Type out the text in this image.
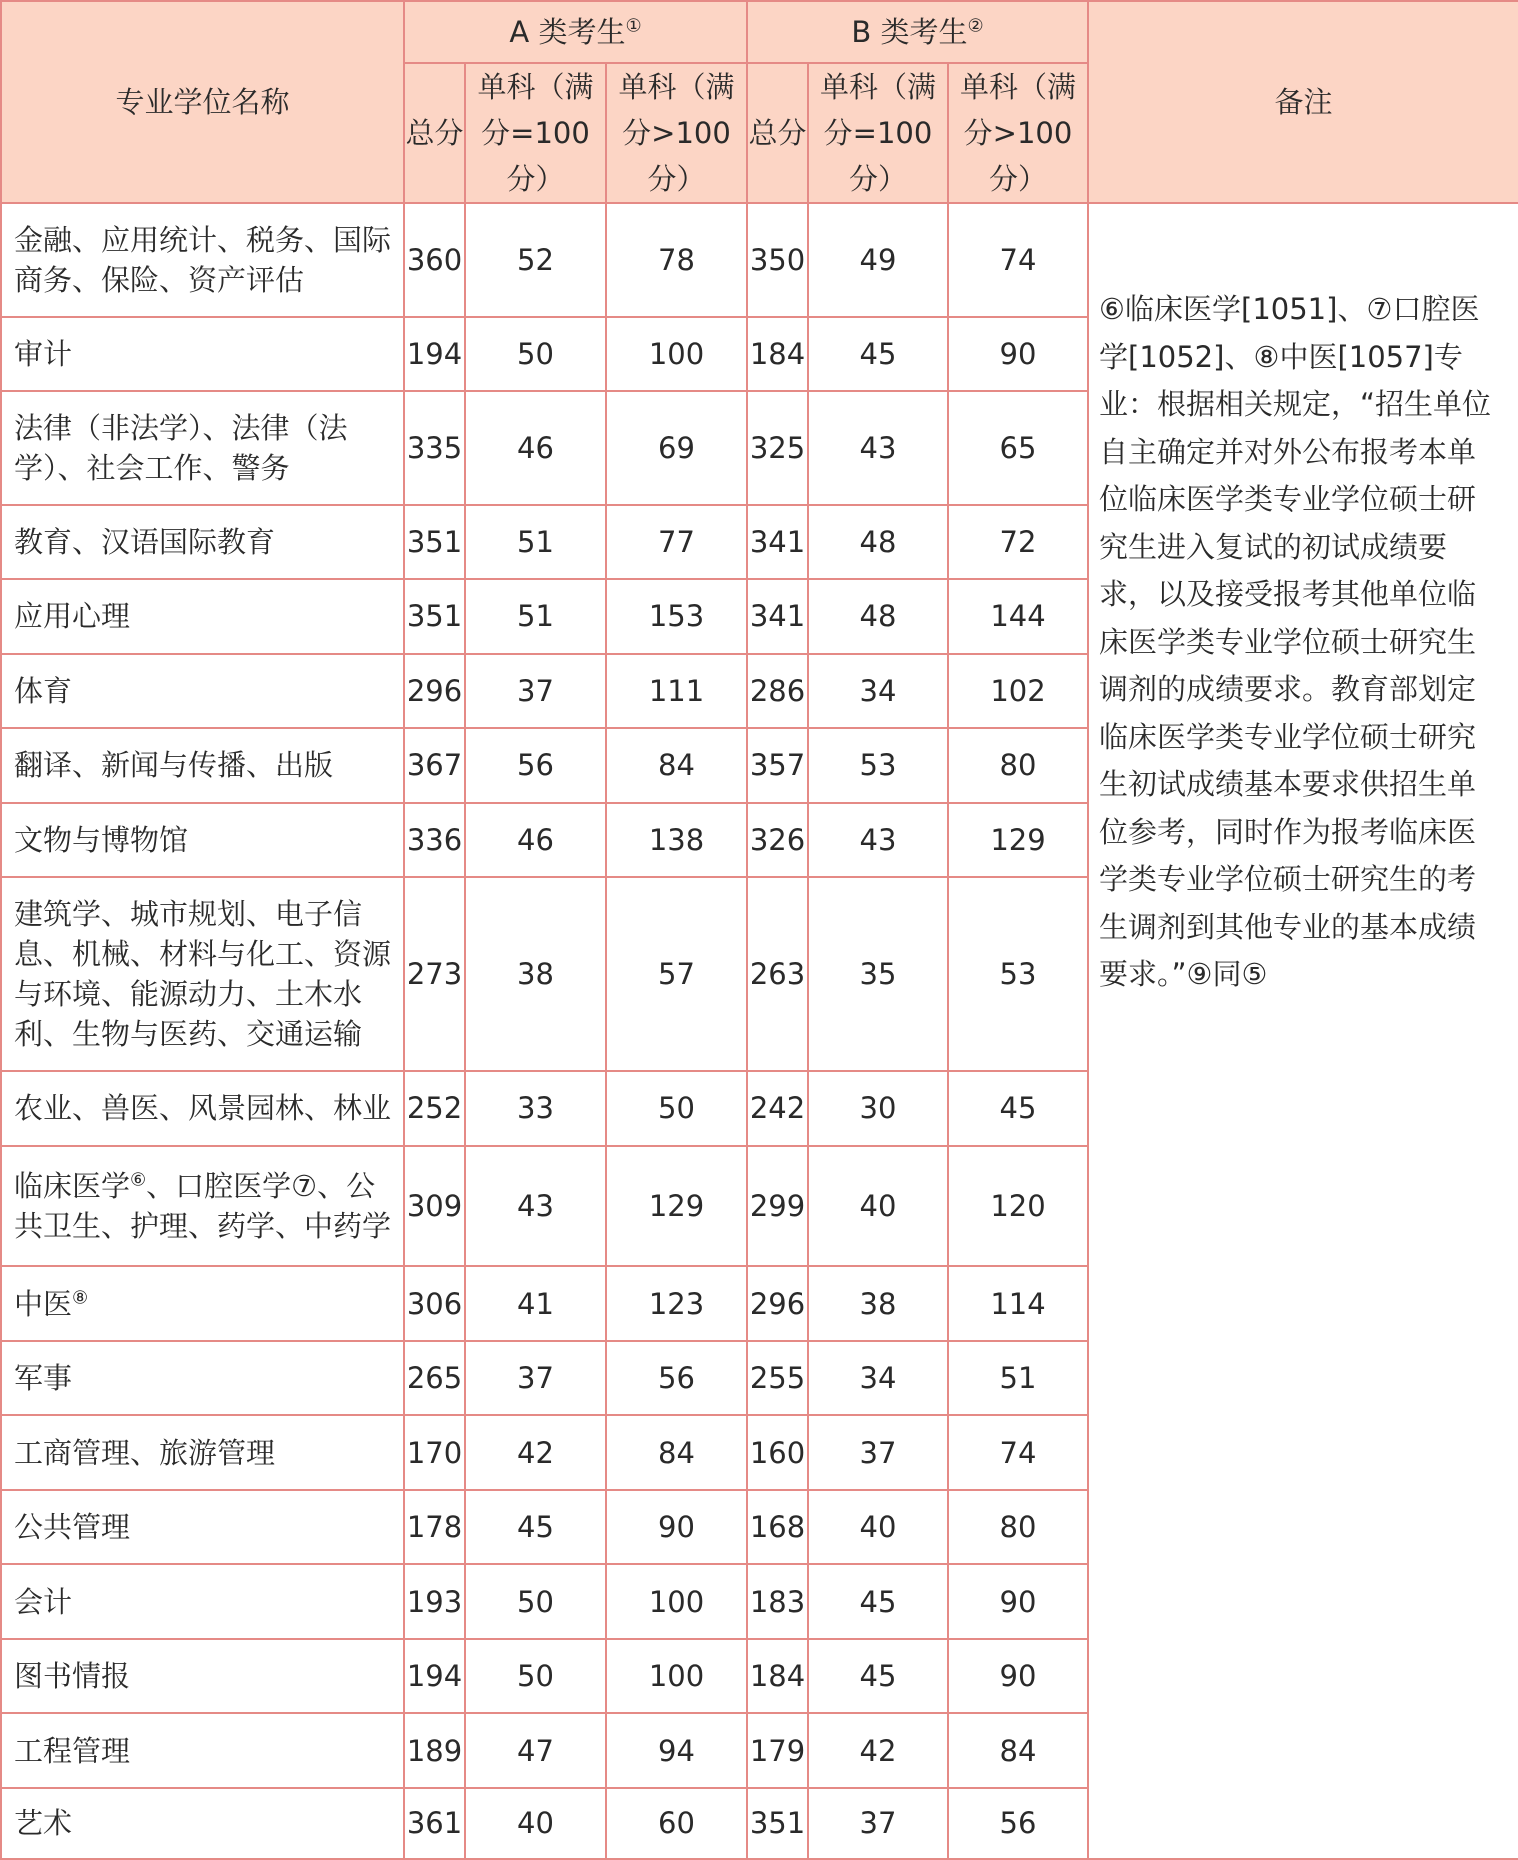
专业学位名称	A 类考生①			B 类考生②			备注
	总分	单科（满分=100 分）	单科（满分>100 分）	总分	单科（满分=100 分）	单科（满分>100 分）	
金融、应用统计、税务、国际商务、保险、资产评估	360	52	78	350	49	74	⑥临床医学[1051]、⑦口腔医学[1052]、⑧中医[1057]专业：根据相关规定，“招生单位自主确定并对外公布报考本单位临床医学类专业学位硕士研究生进入复试的初试成绩要求，以及接受报考其他单位临床医学类专业学位硕士研究生调剂的成绩要求。教育部划定临床医学类专业学位硕士研究生初试成绩基本要求供招生单位参考，同时作为报考临床医学类专业学位硕士研究生的考生调剂到其他专业的基本成绩要求。”⑨同⑤
审计	194	50	100	184	45	90	
法律（非法学）、法律（法学）、社会工作、警务	335	46	69	325	43	65	
教育、汉语国际教育	351	51	77	341	48	72	
应用心理	351	51	153	341	48	144	
体育	296	37	111	286	34	102	
翻译、新闻与传播、出版	367	56	84	357	53	80	
文物与博物馆	336	46	138	326	43	129	
建筑学、城市规划、电子信息、机械、材料与化工、资源与环境、能源动力、土木水利、生物与医药、交通运输	273	38	57	263	35	53	
农业、兽医、风景园林、林业	252	33	50	242	30	45	
临床医学⑥、口腔医学⑦、公共卫生、护理、药学、中药学	309	43	129	299	40	120	
中医⑧	306	41	123	296	38	114	
军事	265	37	56	255	34	51	
工商管理、旅游管理	170	42	84	160	37	74	
公共管理	178	45	90	168	40	80	
会计	193	50	100	183	45	90	
图书情报	194	50	100	184	45	90	
工程管理	189	47	94	179	42	84	
艺术	361	40	60	351	37	56	
